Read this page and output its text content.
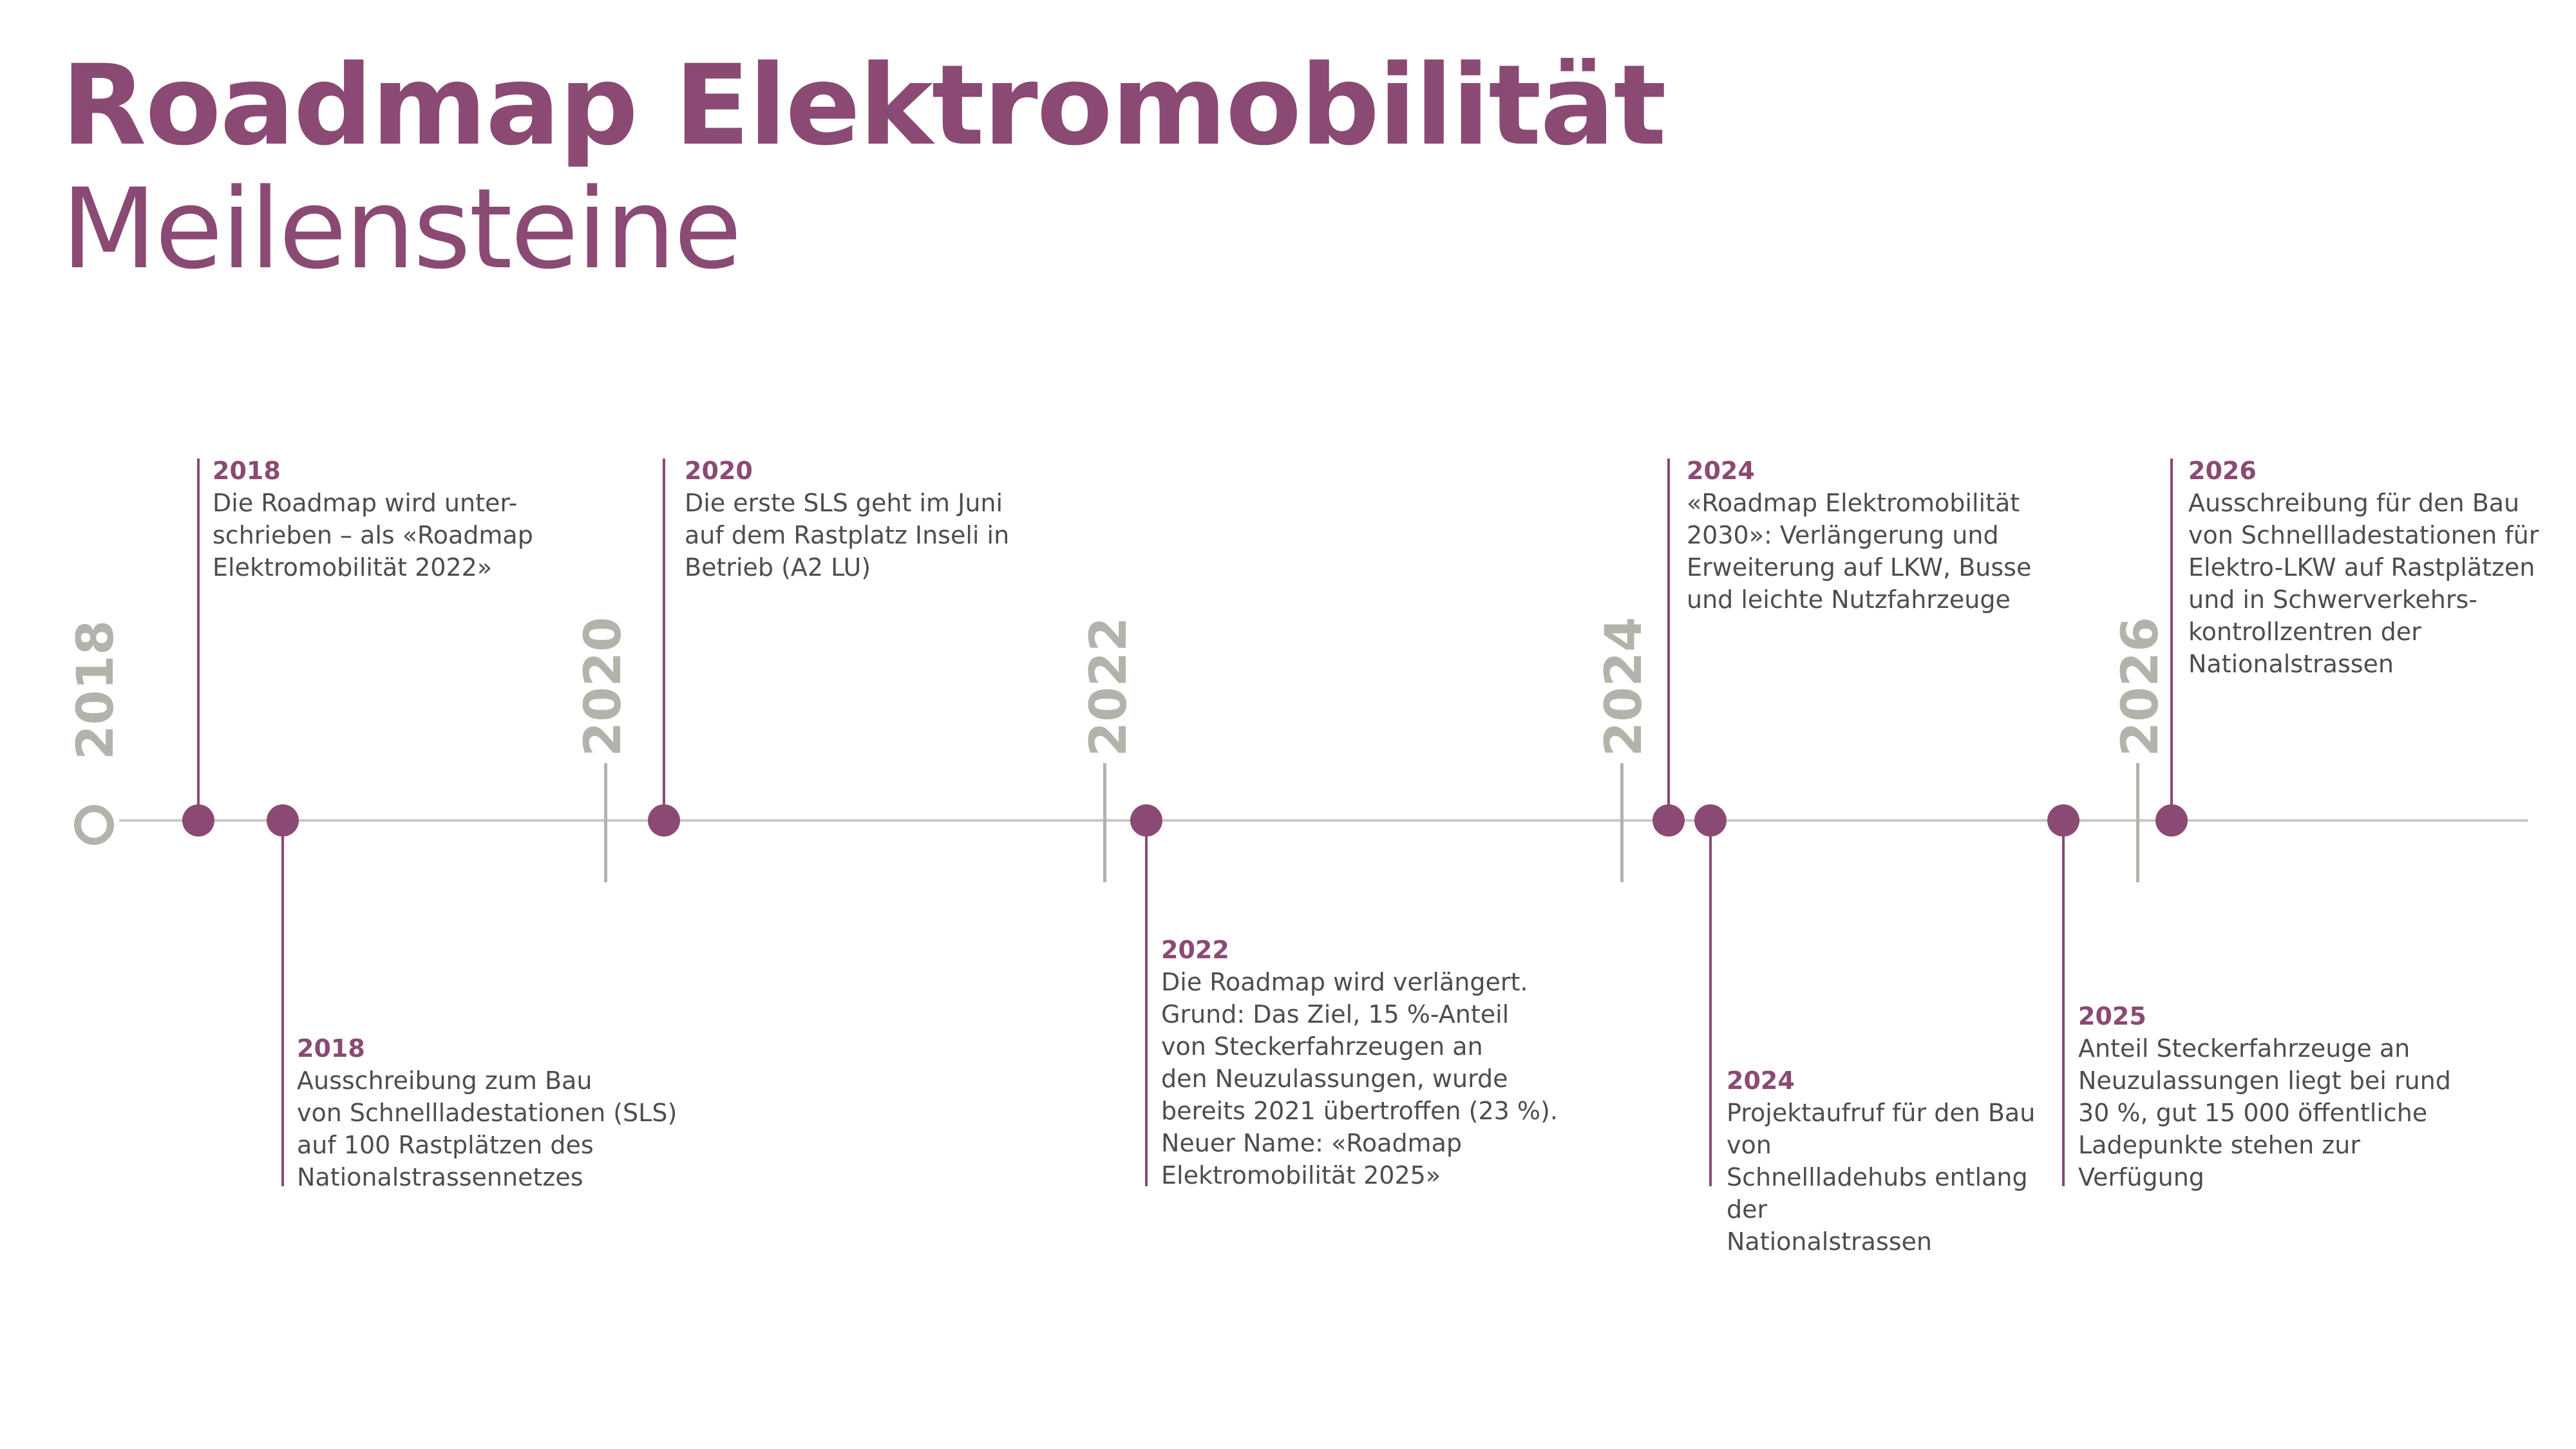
Roadmap Elektromobilität
Meilensteine
2018	2020	2022	2024	2026
2018
Die Roadmap wird unter-
schrieben – als «Roadmap
Elektromobilität 2022»
2020
Die erste SLS geht im Juni
auf dem Rastplatz Inseli in
Betrieb (A2 LU)
2024
«Roadmap Elektromobilität
2030»: Verlängerung und
Erweiterung auf LKW, Busse
und leichte Nutzfahrzeuge
2026
Ausschreibung für den Bau
von Schnellladestationen für
Elektro-LKW auf Rastplätzen
und in Schwerverkehrs-
kontrollzentren der
Nationalstrassen
2018
Ausschreibung zum Bau
von Schnellladestationen (SLS)
auf 100 Rastplätzen des
Nationalstrassennetzes
2022
Die Roadmap wird verlängert.
Grund: Das Ziel, 15 %-Anteil
von Steckerfahrzeugen an
den Neuzulassungen, wurde
bereits 2021 übertroffen (23 %).
Neuer Name: «Roadmap
Elektromobilität 2025»
2024
Projektaufruf für den Bau von
Schnellladehubs entlang der
Nationalstrassen
2025
Anteil Steckerfahrzeuge an
Neuzulassungen liegt bei rund
30 %, gut 15 000 öffentliche
Ladepunkte stehen zur
Verfügung
